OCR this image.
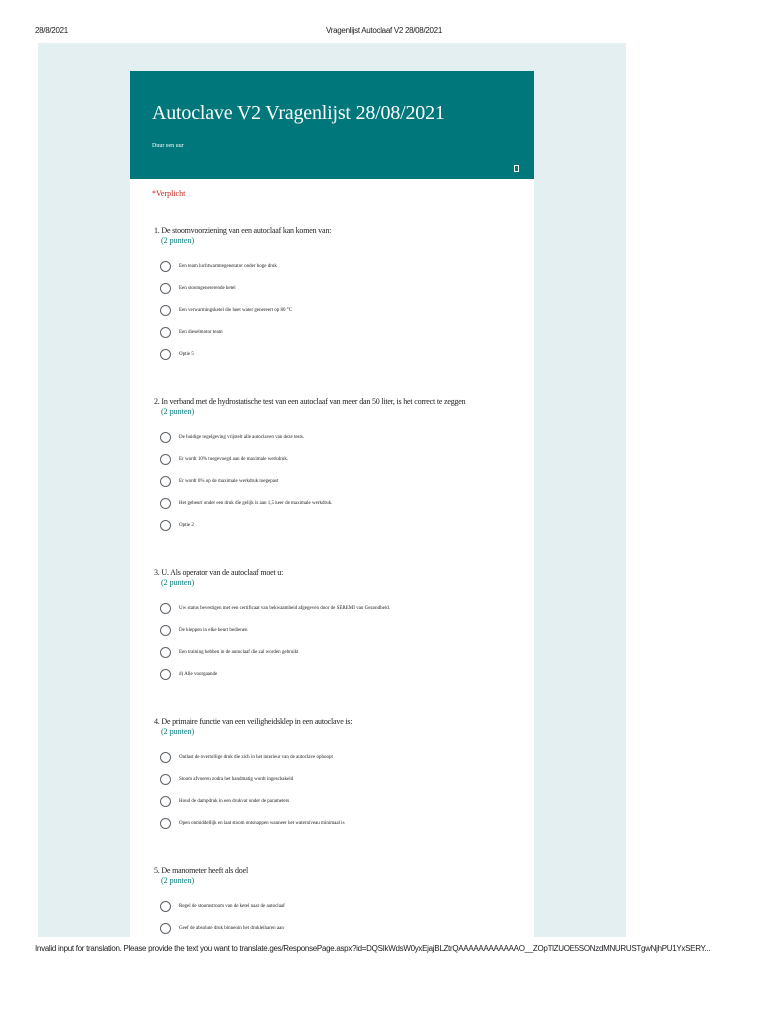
28/8/2021	Vragenlijst Autoclaaf V2 28/08/2021
Autoclave V2 Vragenlijst 28/08/2021
Duur een uur
*Verplicht
1. De stoomvoorziening van een autoclaaf kan komen van:
(2 punten)
Een team luchtwarmtegenerator onder hoge druk
Een stoomgenererende ketel
Een verwarmingsketel die heet water genereert op 80 °C
Een dieselmotor team
Optie 5
2. In verband met de hydrostatische test van een autoclaaf van meer dan 50 liter, is het correct te zeggen
(2 punten)
De huidige regelgeving vrijstelt alle autoclaven van deze tests.
Er wordt 10% toegevoegd aan de maximale werkdruk.
Er wordt 6% op de maximale werkdruk toegepast
Het gebeurt onder een druk die gelijk is aan 1,5 keer de maximale werkdruk.
Optie 2
3. U. Als operator van de autoclaaf moet u:
(2 punten)
Uw status bevestigen met een certificaat van bekwaamheid afgegeven door de SEREMI van Gezondheid.
De kleppen in elke beurt bedienen
Een training hebben in de autoclaaf die zal worden gebruikt
d) Alle voorgaande
4. De primaire functie van een veiligheidsklep in een autoclave is:
(2 punten)
Ontlast de overtollige druk die zich in het interieur van de autoclave ophoopt
Stoom afvoeren zodra het handmatig wordt ingeschakeld
Houd de dampdruk in een drukvat onder de parameters
Open onmiddellijk en laat stoom ontsnappen wanneer het waterniveau minimaal is
5. De manometer heeft als doel
(2 punten)
Regel de stoomstroom van de ketel naar de autoclaaf
Geef de absolute druk binnenin het drukleiharen aan
Invalid input for translation. Please provide the text you want to translate.ges/ResponsePage.aspx?id=DQSIkWdsW0yxEjajBLZtrQAAAAAAAAAAAAO__ZOpTlZUOE5SONzdMNURUSTgwNjhPU1YxSERY...
